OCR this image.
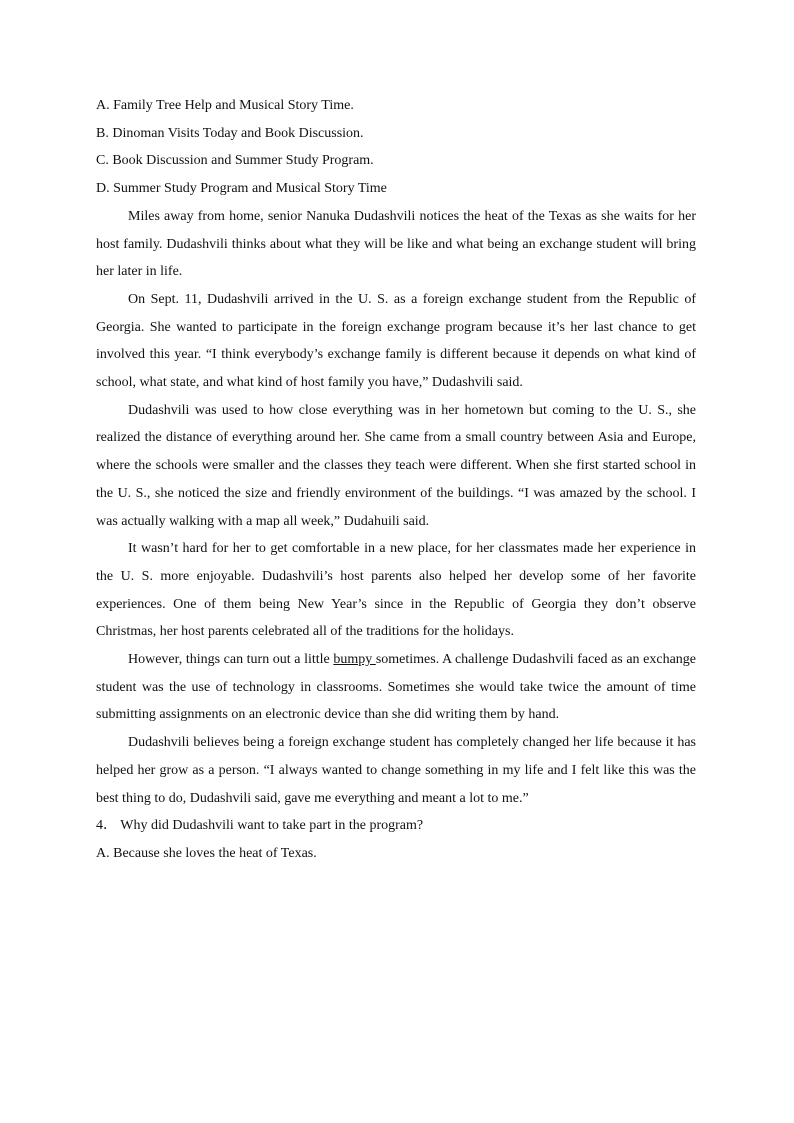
A. Family Tree Help and Musical Story Time.

B. Dinoman Visits Today and Book Discussion.

C. Book Discussion and Summer Study Program.

D. Summer Study Program and Musical Story Time

Miles away from home, senior Nanuka Dudashvili notices the heat of the Texas as she waits for her host family. Dudashvili thinks about what they will be like and what being an exchange student will bring her later in life.

On Sept. 11, Dudashvili arrived in the U. S. as a foreign exchange student from the Republic of Georgia. She wanted to participate in the foreign exchange program because it’s her last chance to get involved this year. “I think everybody’s exchange family is different because it depends on what kind of school, what state, and what kind of host family you have,” Dudashvili said.

Dudashvili was used to how close everything was in her hometown but coming to the U. S., she realized the distance of everything around her. She came from a small country between Asia and Europe, where the schools were smaller and the classes they teach were different. When she first started school in the U. S., she noticed the size and friendly environment of the buildings. “I was amazed by the school. I was actually walking with a map all week,” Dudahuili said.

It wasn’t hard for her to get comfortable in a new place, for her classmates made her experience in the U. S. more enjoyable. Dudashvili’s host parents also helped her develop some of her favorite experiences. One of them being New Year’s since in the Republic of Georgia they don’t observe Christmas, her host parents celebrated all of the traditions for the holidays.

However, things can turn out a little bumpy sometimes. A challenge Dudashvili faced as an exchange student was the use of technology in classrooms. Sometimes she would take twice the amount of time submitting assignments on an electronic device than she did writing them by hand.

Dudashvili believes being a foreign exchange student has completely changed her life because it has helped her grow as a person. “I always wanted to change something in my life and I felt like this was the best thing to do, Dudashvili said, gave me everything and meant a lot to me.”

4． Why did Dudashvili want to take part in the program?

A. Because she loves the heat of Texas.
